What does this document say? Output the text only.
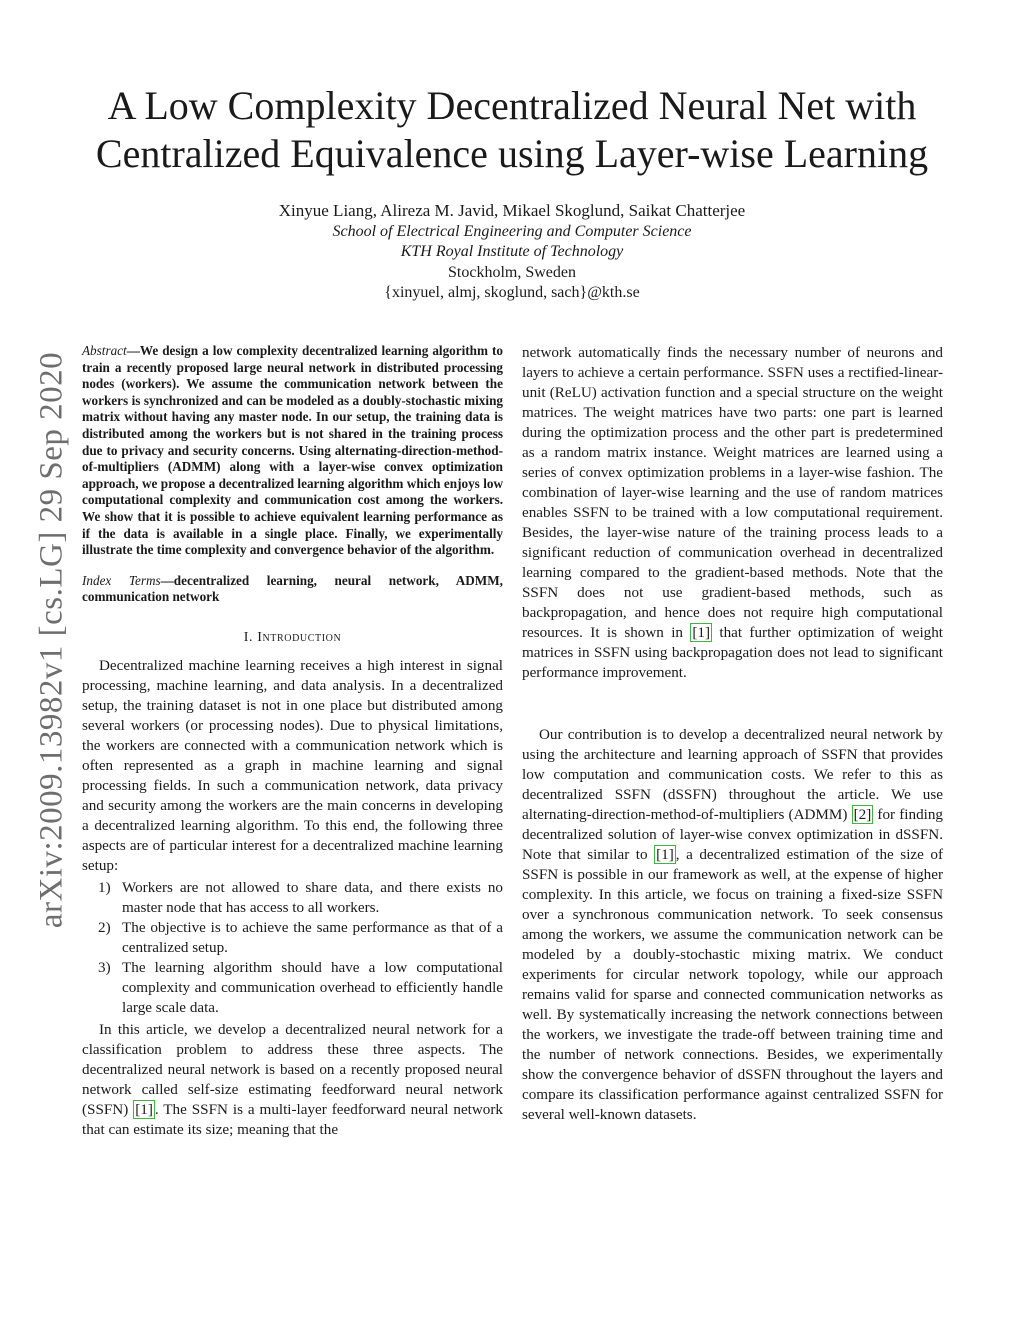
arXiv:2009.13982v1 [cs.LG] 29 Sep 2020
A Low Complexity Decentralized Neural Net with
Centralized Equivalence using Layer-wise Learning
Xinyue Liang, Alireza M. Javid, Mikael Skoglund, Saikat Chatterjee
School of Electrical Engineering and Computer Science
KTH Royal Institute of Technology
Stockholm, Sweden
{xinyuel, almj, skoglund, sach}@kth.se

Abstract—We design a low complexity decentralized learning algorithm to train a recently proposed large neural network in distributed processing nodes (workers). We assume the communication network between the workers is synchronized and can be modeled as a doubly-stochastic mixing matrix without having any master node. In our setup, the training data is distributed among the workers but is not shared in the training process due to privacy and security concerns. Using alternating-direction-method-of-multipliers (ADMM) along with a layer-wise convex optimization approach, we propose a decentralized learning algorithm which enjoys low computational complexity and communication cost among the workers. We show that it is possible to achieve equivalent learning performance as if the data is available in a single place. Finally, we experimentally illustrate the time complexity and convergence behavior of the algorithm.

Index Terms—decentralized learning, neural network, ADMM, communication network

I. Introduction

Decentralized machine learning receives a high interest in signal processing, machine learning, and data analysis. In a decentralized setup, the training dataset is not in one place but distributed among several workers (or processing nodes). Due to physical limitations, the workers are connected with a communication network which is often represented as a graph in machine learning and signal processing fields. In such a communication network, data privacy and security among the workers are the main concerns in developing a decentralized learning algorithm. To this end, the following three aspects are of particular interest for a decentralized machine learning setup:

1) Workers are not allowed to share data, and there exists no master node that has access to all workers.
2) The objective is to achieve the same performance as that of a centralized setup.
3) The learning algorithm should have a low computational complexity and communication overhead to efficiently handle large scale data.

In this article, we develop a decentralized neural network for a classification problem to address these three aspects. The decentralized neural network is based on a recently proposed neural network called self-size estimating feedforward neural network (SSFN) [1] . The SSFN is a multi-layer feedforward neural network that can estimate its size; meaning that the

network automatically finds the necessary number of neurons and layers to achieve a certain performance. SSFN uses a rectified-linear-unit (ReLU) activation function and a special structure on the weight matrices. The weight matrices have two parts: one part is learned during the optimization process and the other part is predetermined as a random matrix instance. Weight matrices are learned using a series of convex optimization problems in a layer-wise fashion. The combination of layer-wise learning and the use of random matrices enables SSFN to be trained with a low computational requirement. Besides, the layer-wise nature of the training process leads to a significant reduction of communication overhead in decentralized learning compared to the gradient-based methods. Note that the SSFN does not use gradient-based methods, such as backpropagation, and hence does not require high computational resources. It is shown in [1] that further optimization of weight matrices in SSFN using backpropagation does not lead to significant performance improvement.

Our contribution is to develop a decentralized neural network by using the architecture and learning approach of SSFN that provides low computation and communication costs. We refer to this as decentralized SSFN (dSSFN) throughout the article. We use alternating-direction-method-of-multipliers (ADMM) [2] for finding decentralized solution of layer-wise convex optimization in dSSFN. Note that similar to [1] , a decentralized estimation of the size of SSFN is possible in our framework as well, at the expense of higher complexity. In this article, we focus on training a fixed-size SSFN over a synchronous communication network. To seek consensus among the workers, we assume the communication network can be modeled by a doubly-stochastic mixing matrix. We conduct experiments for circular network topology, while our approach remains valid for sparse and connected communication networks as well. By systematically increasing the network connections between the workers, we investigate the trade-off between training time and the number of network connections. Besides, we experimentally show the convergence behavior of dSSFN throughout the layers and compare its classification performance against centralized SSFN for several well-known datasets.
